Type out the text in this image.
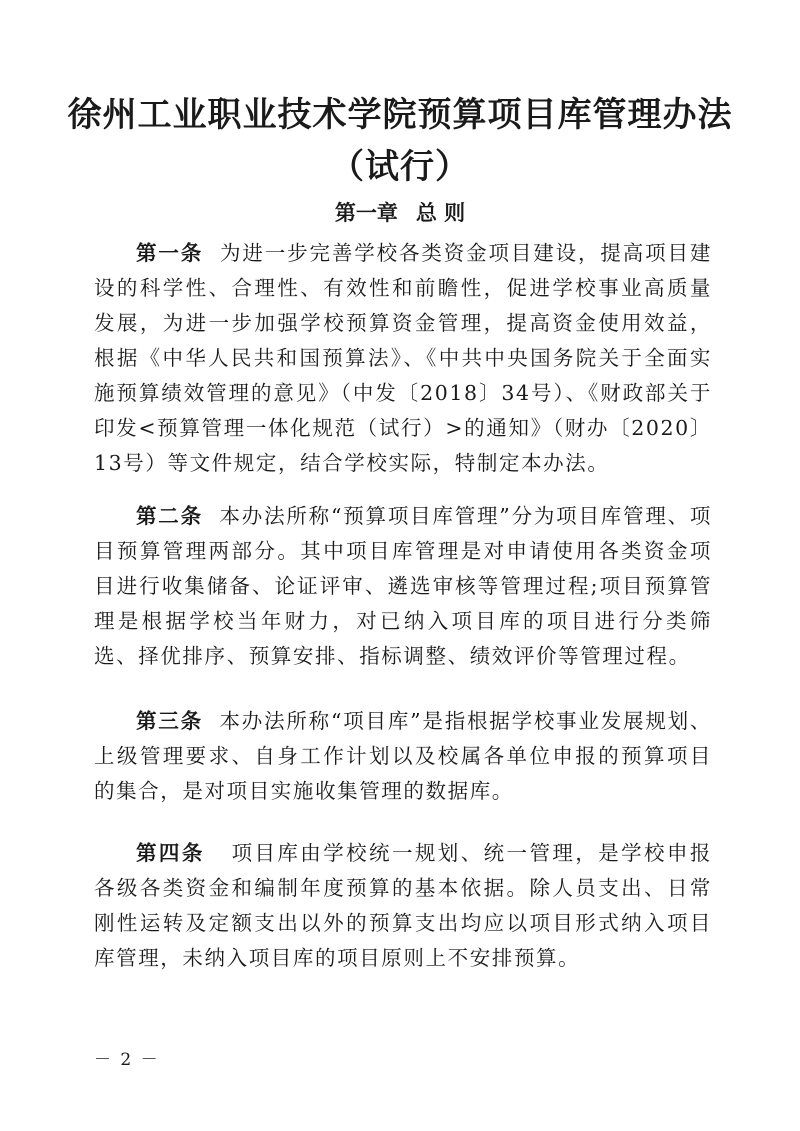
徐州工业职业技术学院预算项目库管理办法
（试行）
第一章 总 则

第一条 为进一步完善学校各类资金项目建设，提高项目建设的科学性、合理性、有效性和前瞻性，促进学校事业高质量发展，为进一步加强学校预算资金管理，提高资金使用效益，根据《中华人民共和国预算法》、《中共中央国务院关于全面实施预算绩效管理的意见》（中发〔2018〕34号）、《财政部关于印发<预算管理一体化规范（试行）>的通知》（财办〔2020〕13号）等文件规定，结合学校实际，特制定本办法。

第二条 本办法所称“预算项目库管理”分为项目库管理、项目预算管理两部分。其中项目库管理是对申请使用各类资金项目进行收集储备、论证评审、遴选审核等管理过程;项目预算管理是根据学校当年财力，对已纳入项目库的项目进行分类筛选、择优排序、预算安排、指标调整、绩效评价等管理过程。

第三条 本办法所称“项目库”是指根据学校事业发展规划、上级管理要求、自身工作计划以及校属各单位申报的预算项目的集合，是对项目实施收集管理的数据库。

第四条 项目库由学校统一规划、统一管理，是学校申报各级各类资金和编制年度预算的基本依据。除人员支出、日常刚性运转及定额支出以外的预算支出均应以项目形式纳入项目库管理，未纳入项目库的项目原则上不安排预算。

－ 2 －
